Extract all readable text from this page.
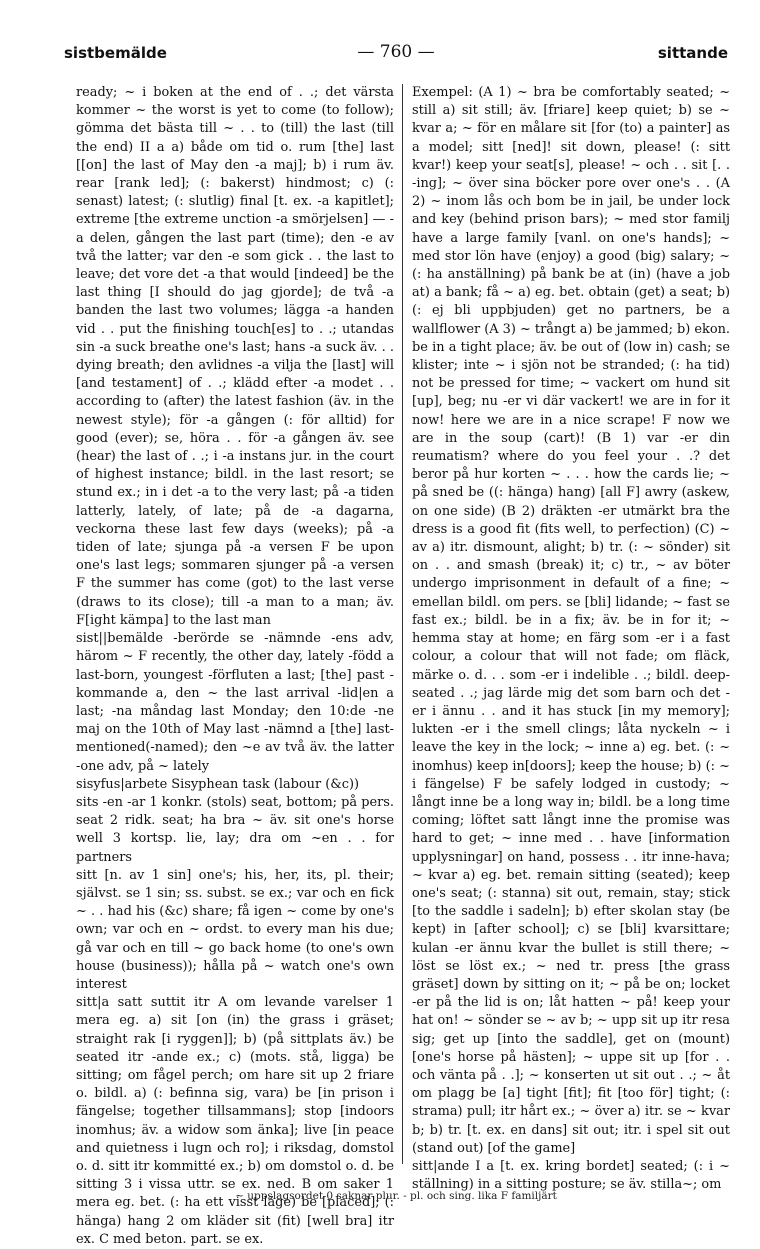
sistbemälde	— 760 —	sittande

ready; ~ i boken at the end of . .; det värsta kommer ~ the worst is yet to come (to follow); gömma det bästa till ~ . . to (till) the last (till the end) II a a) både om tid o. rum [the] last [[on] the last of May den -a maj]; b) i rum äv. rear [rank led]; (: bakerst) hindmost; c) (: senast) latest; (: slutlig) final [t. ex. -a kapitlet]; extreme [the extreme unction -a smörjelsen] — -a delen, gången the last part (time); den -e av två the latter; var den -e som gick . . the last to leave; det vore det -a that would [indeed] be the last thing [I should do jag gjorde]; de två -a banden the last two volumes; lägga -a handen vid . . put the finishing touch[es] to . .; utandas sin -a suck breathe one's last; hans -a suck äv. . . dying breath; den avlidnes -a vilja the [last] will [and testament] of . .; klädd efter -a modet . . according to (after) the latest fashion (äv. in the newest style); för -a gången (: för alltid) for good (ever); se, höra . . för -a gången äv. see (hear) the last of . .; i -a instans jur. in the court of highest instance; bildl. in the last resort; se stund ex.; in i det -a to the very last; på -a tiden latterly, lately, of late; på de -a dagarna, veckorna these last few days (weeks); på -a tiden of late; sjunga på -a versen F be upon one's last legs; sommaren sjunger på -a versen F the summer has come (got) to the last verse (draws to its close); till -a man to a man; äv. F[ight kämpa] to the last man

sist||bemälde -berörde se -nämnde -ens adv, härom ~ F recently, the other day, lately -född a last-born, youngest -förfluten a last; [the] past -kommande a, den ~ the last arrival -lid|en a last; -na måndag last Monday; den 10:de -ne maj on the 10th of May last -nämnd a [the] last-mentioned(-named); den ~e av två äv. the latter -one adv, på ~ lately

sisyfus|arbete Sisyphean task (labour (&c))

sits -en -ar 1 konkr. (stols) seat, bottom; på pers. seat 2 ridk. seat; ha bra ~ äv. sit one's horse well 3 kortsp. lie, lay; dra om ~en . . for partners

sitt [n. av 1 sin] one's; his, her, its, pl. their; självst. se 1 sin; ss. subst. se ex.; var och en fick ~ . . had his (&c) share; få igen ~ come by one's own; var och en ~ ordst. to every man his due; gå var och en till ~ go back home (to one's own house (business)); hålla på ~ watch one's own interest

sitt|a satt suttit itr A om levande varelser 1 mera eg. a) sit [on (in) the grass i gräset; straight rak [i ryggen]]; b) (på sittplats äv.) be seated itr -ande ex.; c) (mots. stå, ligga) be sitting; om fågel perch; om hare sit up 2 friare o. bildl. a) (: befinna sig, vara) be [in prison i fängelse; together tillsammans]; stop [indoors inomhus; äv. a widow som änka]; live [in peace and quietness i lugn och ro]; i riksdag, domstol o. d. sitt itr kommitté ex.; b) om domstol o. d. be sitting 3 i vissa uttr. se ex. ned. B om saker 1 mera eg. bet. (: ha ett visst läge) be [placed]; (: hänga) hang 2 om kläder sit (fit) [well bra] itr ex. C med beton. part. se ex.

Exempel: (A 1) ~ bra be comfortably seated; ~ still a) sit still; äv. [friare] keep quiet; b) se ~ kvar a; ~ för en målare sit [for (to) a painter] as a model; sitt [ned]! sit down, please! (: sitt kvar!) keep your seat[s], please! ~ och . . sit [. . -ing]; ~ över sina böcker pore over one's . . (A 2) ~ inom lås och bom be in jail, be under lock and key (behind prison bars); ~ med stor familj have a large family [vanl. on one's hands]; ~ med stor lön have (enjoy) a good (big) salary; ~ (: ha anställning) på bank be at (in) (have a job at) a bank; få ~ a) eg. bet. obtain (get) a seat; b) (: ej bli uppbjuden) get no partners, be a wallflower (A 3) ~ trångt a) be jammed; b) ekon. be in a tight place; äv. be out of (low in) cash; se klister; inte ~ i sjön not be stranded; (: ha tid) not be pressed for time; ~ vackert om hund sit [up], beg; nu -er vi där vackert! we are in for it now! here we are in a nice scrape! F now we are in the soup (cart)! (B 1) var -er din reumatism? where do you feel your . .? det beror på hur korten ~ . . . how the cards lie; ~ på sned be ((: hänga) hang) [all F] awry (askew, on one side) (B 2) dräkten -er utmärkt bra the dress is a good fit (fits well, to perfection) (C) ~ av a) itr. dismount, alight; b) tr. (: ~ sönder) sit on . . and smash (break) it; c) tr., ~ av böter undergo imprisonment in default of a fine; ~ emellan bildl. om pers. se [bli] lidande; ~ fast se fast ex.; bildl. be in a fix; äv. be in for it; ~ hemma stay at home; en färg som -er i a fast colour, a colour that will not fade; om fläck, märke o. d. . . som -er i indelible . .; bildl. deep-seated . .; jag lärde mig det som barn och det -er i ännu . . and it has stuck [in my memory]; lukten -er i the smell clings; låta nyckeln ~ i leave the key in the lock; ~ inne a) eg. bet. (: ~ inomhus) keep in[doors]; keep the house; b) (: ~ i fängelse) F be safely lodged in custody; ~ långt inne be a long way in; bildl. be a long time coming; löftet satt långt inne the promise was hard to get; ~ inne med . . have [information upplysningar] on hand, possess . . itr inne-havа; ~ kvar a) eg. bet. remain sitting (seated); keep one's seat; (: stanna) sit out, remain, stay; stick [to the saddle i sadeln]; b) efter skolan stay (be kept) in [after school]; c) se [bli] kvarsittare; kulan -er ännu kvar the bullet is still there; ~ löst se löst ex.; ~ ned tr. press [the grass gräset] down by sitting on it; ~ på be on; locket -er på the lid is on; låt hatten ~ på! keep your hat on! ~ sönder se ~ av b; ~ upp sit up itr resa sig; get up [into the saddle], get on (mount) [one's horse på hästen]; ~ uppe sit up [for . . och vänta på . .]; ~ konserten ut sit out . .; ~ åt om plagg be [a] tight [fit]; fit [too för] tight; (: strama) pull; itr hårt ex.; ~ över a) itr. se ~ kvar b; b) tr. [t. ex. en dans] sit out; itr. i spel sit out (stand out) [of the game]

sitt|ande I a [t. ex. kring bordet] seated; (: i ~ ställning) in a sitting posture; se äv. stilla~; om

~ uppslagsordet 0 saknar plur. - pl. och sing. lika F familjärt
